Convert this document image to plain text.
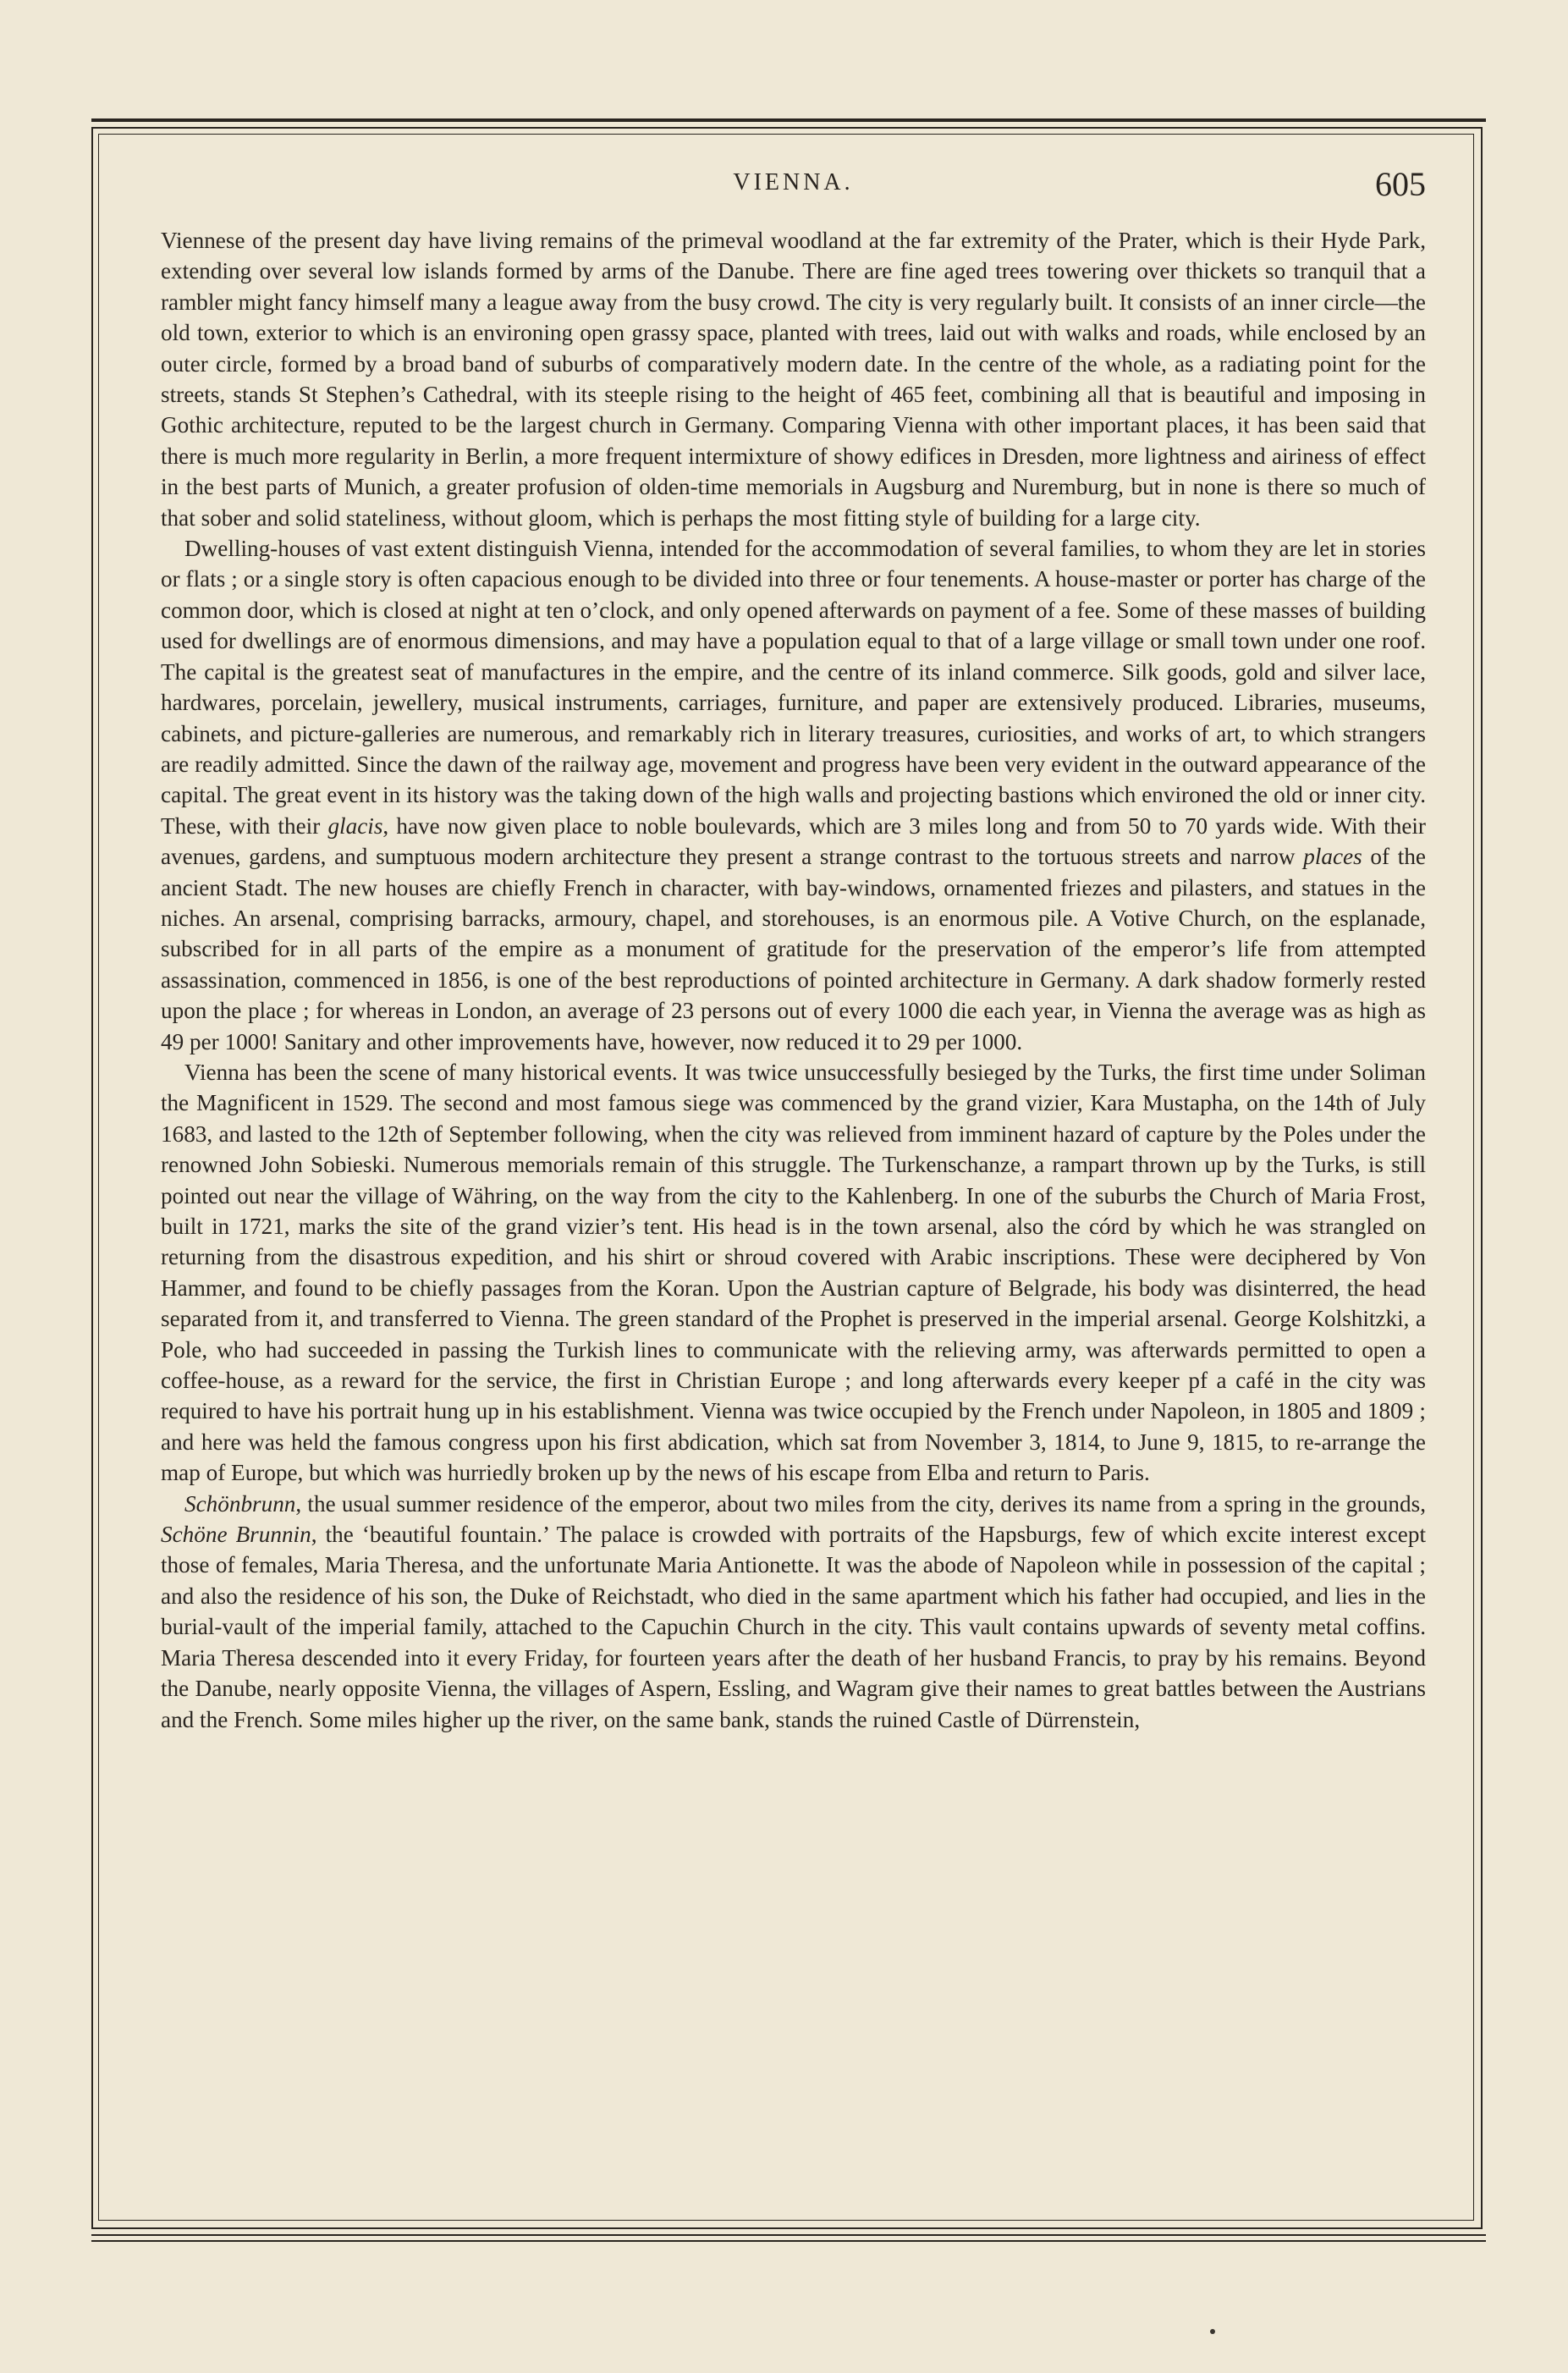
VIENNA.	605

Viennese of the present day have living remains of the primeval woodland at the far extremity of the Prater, which is their Hyde Park, extending over several low islands formed by arms of the Danube. There are fine aged trees towering over thickets so tranquil that a rambler might fancy himself many a league away from the busy crowd. The city is very regularly built. It consists of an inner circle—the old town, exterior to which is an environing open grassy space, planted with trees, laid out with walks and roads, while enclosed by an outer circle, formed by a broad band of suburbs of comparatively modern date. In the centre of the whole, as a radiating point for the streets, stands St Stephen’s Cathedral, with its steeple rising to the height of 465 feet, combining all that is beautiful and imposing in Gothic architecture, reputed to be the largest church in Germany. Comparing Vienna with other important places, it has been said that there is much more regularity in Berlin, a more frequent intermixture of showy edifices in Dresden, more lightness and airiness of effect in the best parts of Munich, a greater profusion of olden-time memorials in Augsburg and Nuremburg, but in none is there so much of that sober and solid stateliness, without gloom, which is perhaps the most fitting style of building for a large city.

Dwelling-houses of vast extent distinguish Vienna, intended for the accommodation of several families, to whom they are let in stories or flats ; or a single story is often capacious enough to be divided into three or four tenements. A house-master or porter has charge of the common door, which is closed at night at ten o’clock, and only opened afterwards on payment of a fee. Some of these masses of building used for dwellings are of enormous dimensions, and may have a population equal to that of a large village or small town under one roof. The capital is the greatest seat of manufactures in the empire, and the centre of its inland commerce. Silk goods, gold and silver lace, hardwares, porcelain, jewellery, musical instruments, carriages, furniture, and paper are extensively produced. Libraries, museums, cabinets, and picture-galleries are numerous, and remarkably rich in literary treasures, curiosities, and works of art, to which strangers are readily admitted. Since the dawn of the railway age, movement and progress have been very evident in the outward appearance of the capital. The great event in its history was the taking down of the high walls and projecting bastions which environed the old or inner city. These, with their glacis, have now given place to noble boulevards, which are 3 miles long and from 50 to 70 yards wide. With their avenues, gardens, and sumptuous modern architecture they present a strange contrast to the tortuous streets and narrow places of the ancient Stadt. The new houses are chiefly French in character, with bay-windows, ornamented friezes and pilasters, and statues in the niches. An arsenal, comprising barracks, armoury, chapel, and storehouses, is an enormous pile. A Votive Church, on the esplanade, subscribed for in all parts of the empire as a monument of gratitude for the preservation of the emperor’s life from attempted assassination, commenced in 1856, is one of the best reproductions of pointed architecture in Germany. A dark shadow formerly rested upon the place ; for whereas in London, an average of 23 persons out of every 1000 die each year, in Vienna the average was as high as 49 per 1000! Sanitary and other improvements have, however, now reduced it to 29 per 1000.

Vienna has been the scene of many historical events. It was twice unsuccessfully besieged by the Turks, the first time under Soliman the Magnificent in 1529. The second and most famous siege was commenced by the grand vizier, Kara Mustapha, on the 14th of July 1683, and lasted to the 12th of September following, when the city was relieved from imminent hazard of capture by the Poles under the renowned John Sobieski. Numerous memorials remain of this struggle. The Turkenschanze, a rampart thrown up by the Turks, is still pointed out near the village of Währing, on the way from the city to the Kahlenberg. In one of the suburbs the Church of Maria Frost, built in 1721, marks the site of the grand vizier’s tent. His head is in the town arsenal, also the córd by which he was strangled on returning from the disastrous expedition, and his shirt or shroud covered with Arabic inscriptions. These were deciphered by Von Hammer, and found to be chiefly passages from the Koran. Upon the Austrian capture of Belgrade, his body was disinterred, the head separated from it, and transferred to Vienna. The green standard of the Prophet is preserved in the imperial arsenal. George Kolshitzki, a Pole, who had succeeded in passing the Turkish lines to communicate with the relieving army, was afterwards permitted to open a coffee-house, as a reward for the service, the first in Christian Europe ; and long afterwards every keeper pf a café in the city was required to have his portrait hung up in his establishment. Vienna was twice occupied by the French under Napoleon, in 1805 and 1809 ; and here was held the famous congress upon his first abdication, which sat from November 3, 1814, to June 9, 1815, to re-arrange the map of Europe, but which was hurriedly broken up by the news of his escape from Elba and return to Paris.

Schönbrunn, the usual summer residence of the emperor, about two miles from the city, derives its name from a spring in the grounds, Schöne Brunnin, the ‘beautiful fountain.’ The palace is crowded with portraits of the Hapsburgs, few of which excite interest except those of females, Maria Theresa, and the unfortunate Maria Antionette. It was the abode of Napoleon while in possession of the capital ; and also the residence of his son, the Duke of Reichstadt, who died in the same apartment which his father had occupied, and lies in the burial-vault of the imperial family, attached to the Capuchin Church in the city. This vault contains upwards of seventy metal coffins. Maria Theresa descended into it every Friday, for fourteen years after the death of her husband Francis, to pray by his remains. Beyond the Danube, nearly opposite Vienna, the villages of Aspern, Essling, and Wagram give their names to great battles between the Austrians and the French. Some miles higher up the river, on the same bank, stands the ruined Castle of Dürrenstein,
